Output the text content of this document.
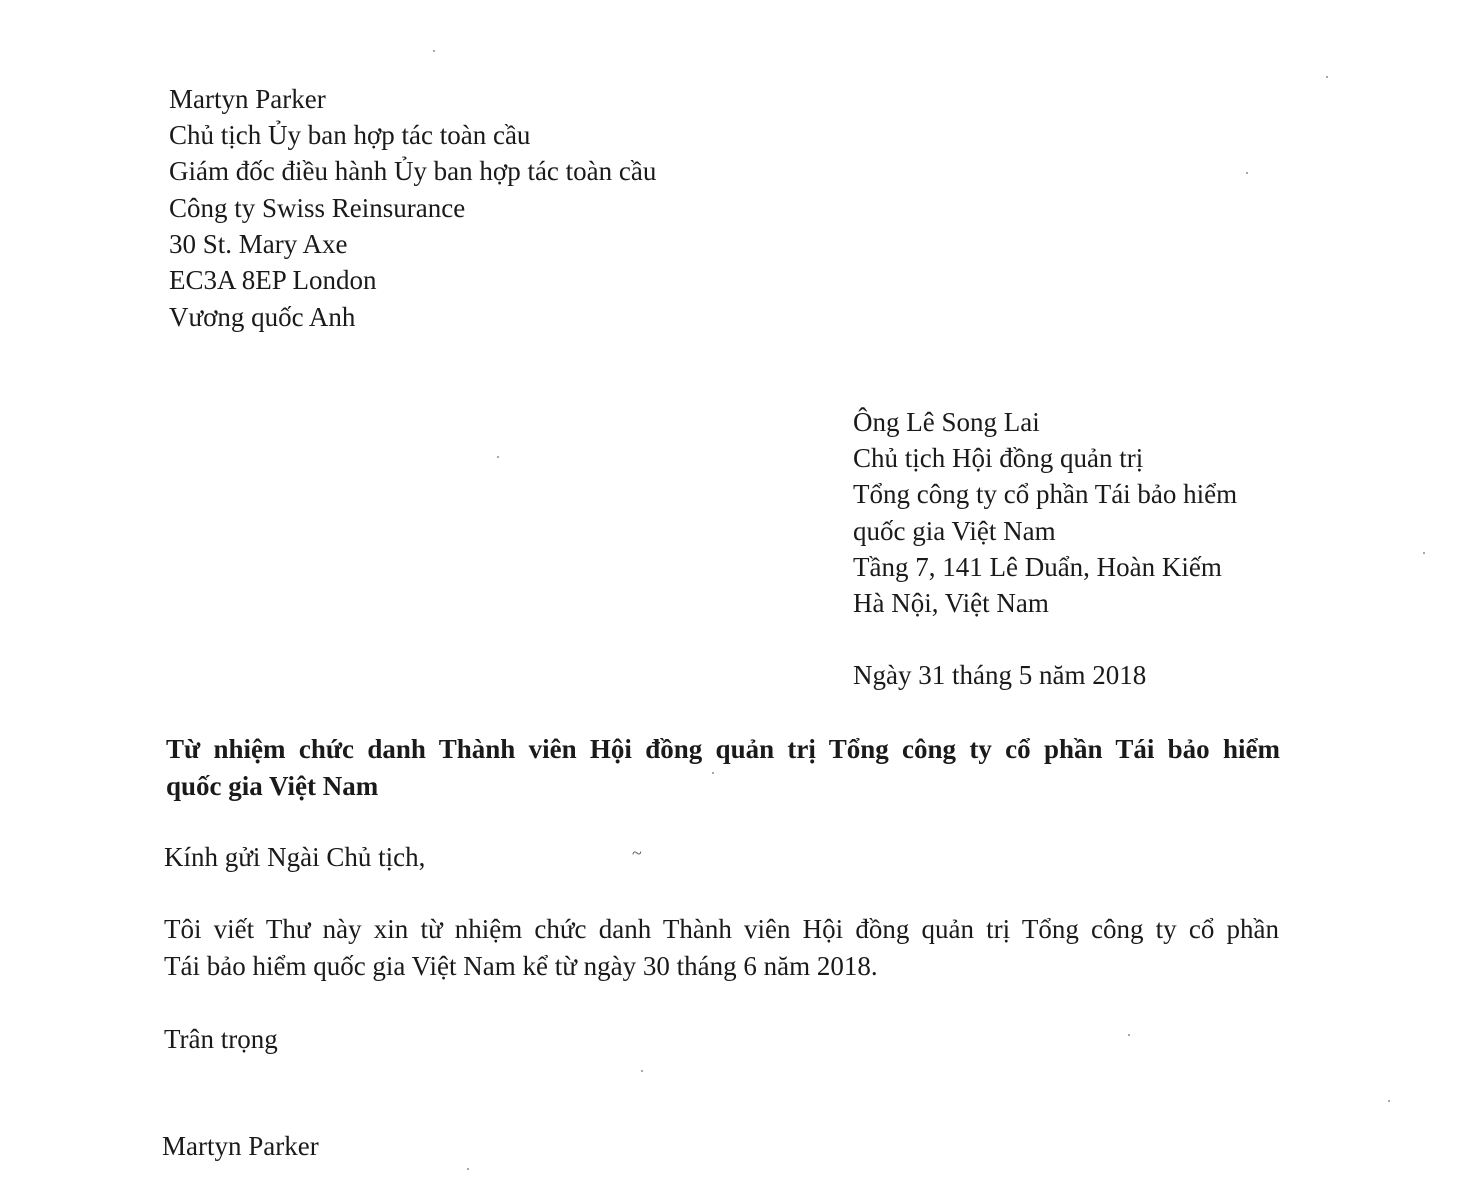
Martyn Parker
Chủ tịch Ủy ban hợp tác toàn cầu
Giám đốc điều hành Ủy ban hợp tác toàn cầu
Công ty Swiss Reinsurance
30 St. Mary Axe
EC3A 8EP London
Vương quốc Anh
Ông Lê Song Lai
Chủ tịch Hội đồng quản trị
Tổng công ty cổ phần Tái bảo hiểm
quốc gia Việt Nam
Tầng 7, 141 Lê Duẩn, Hoàn Kiếm
Hà Nội, Việt Nam
Ngày 31 tháng 5 năm 2018
Từ nhiệm chức danh Thành viên Hội đồng quản trị Tổng công ty cổ phần Tái bảo hiểm
quốc gia Việt Nam
Kính gửi Ngài Chủ tịch,	~
Tôi viết Thư này xin từ nhiệm chức danh Thành viên Hội đồng quản trị Tổng công ty cổ phần
Tái bảo hiểm quốc gia Việt Nam kể từ ngày 30 tháng 6 năm 2018.
Trân trọng
Martyn Parker
